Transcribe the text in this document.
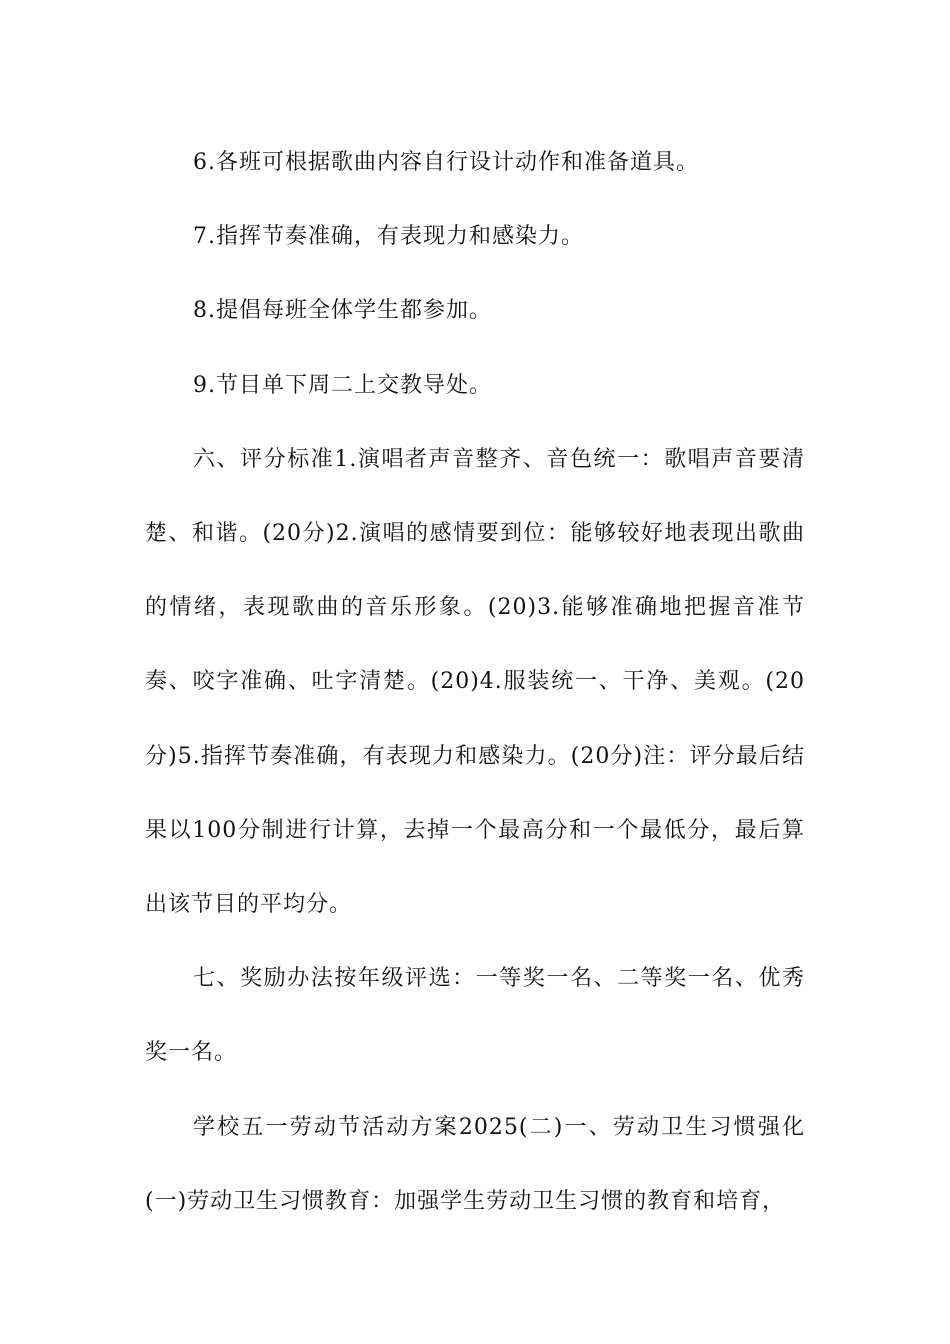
6.各班可根据歌曲内容自行设计动作和准备道具。

7.指挥节奏准确，有表现力和感染力。

8.提倡每班全体学生都参加。

9.节目单下周二上交教导处。

六、评分标准1.演唱者声音整齐、音色统一：歌唱声音要清楚、和谐。(20分)2.演唱的感情要到位：能够较好地表现出歌曲的情绪，表现歌曲的音乐形象。(20)3.能够准确地把握音准节奏、咬字准确、吐字清楚。(20)4.服装统一、干净、美观。(20分)5.指挥节奏准确，有表现力和感染力。(20分)注：评分最后结果以100分制进行计算，去掉一个最高分和一个最低分，最后算出该节目的平均分。

七、奖励办法按年级评选：一等奖一名、二等奖一名、优秀奖一名。

学校五一劳动节活动方案2025(二)一、劳动卫生习惯强化(一)劳动卫生习惯教育：加强学生劳动卫生习惯的教育和培育，
